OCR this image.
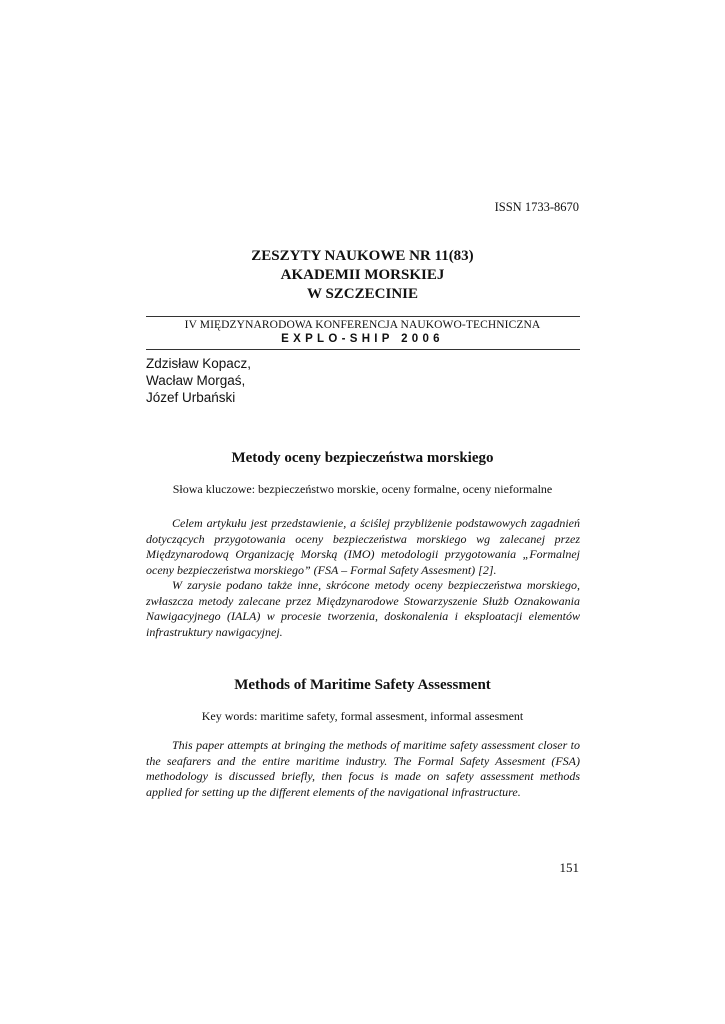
ISSN 1733-8670
ZESZYTY NAUKOWE NR 11(83)
AKADEMII MORSKIEJ
W SZCZECINIE
IV MIĘDZYNARODOWA KONFERENCJA NAUKOWO-TECHNICZNA
EXPLO-SHIP 2006
Zdzisław Kopacz,
Wacław Morgaś,
Józef Urbański
Metody oceny bezpieczeństwa morskiego
Słowa kluczowe: bezpieczeństwo morskie, oceny formalne, oceny nieformalne

Celem artykułu jest przedstawienie, a ściślej przybliżenie podstawowych zagadnień dotyczących przygotowania oceny bezpieczeństwa morskiego wg zalecanej przez Międzynarodową Organizację Morską (IMO) metodologii przygotowania „Formalnej oceny bezpieczeństwa morskiego” (FSA – Formal Safety Assesment) [2].

W zarysie podano także inne, skrócone metody oceny bezpieczeństwa morskiego, zwłaszcza metody zalecane przez Międzynarodowe Stowarzyszenie Służb Oznakowania Nawigacyjnego (IALA) w procesie tworzenia, doskonalenia i eksploatacji elementów infrastruktury nawigacyjnej.

Methods of Maritime Safety Assessment
Key words: maritime safety, formal assesment, informal assesment

This paper attempts at bringing the methods of maritime safety assessment closer to the seafarers and the entire maritime industry. The Formal Safety Assesment (FSA) methodology is discussed briefly, then focus is made on safety assessment methods applied for setting up the different elements of the navigational infrastructure.

151
